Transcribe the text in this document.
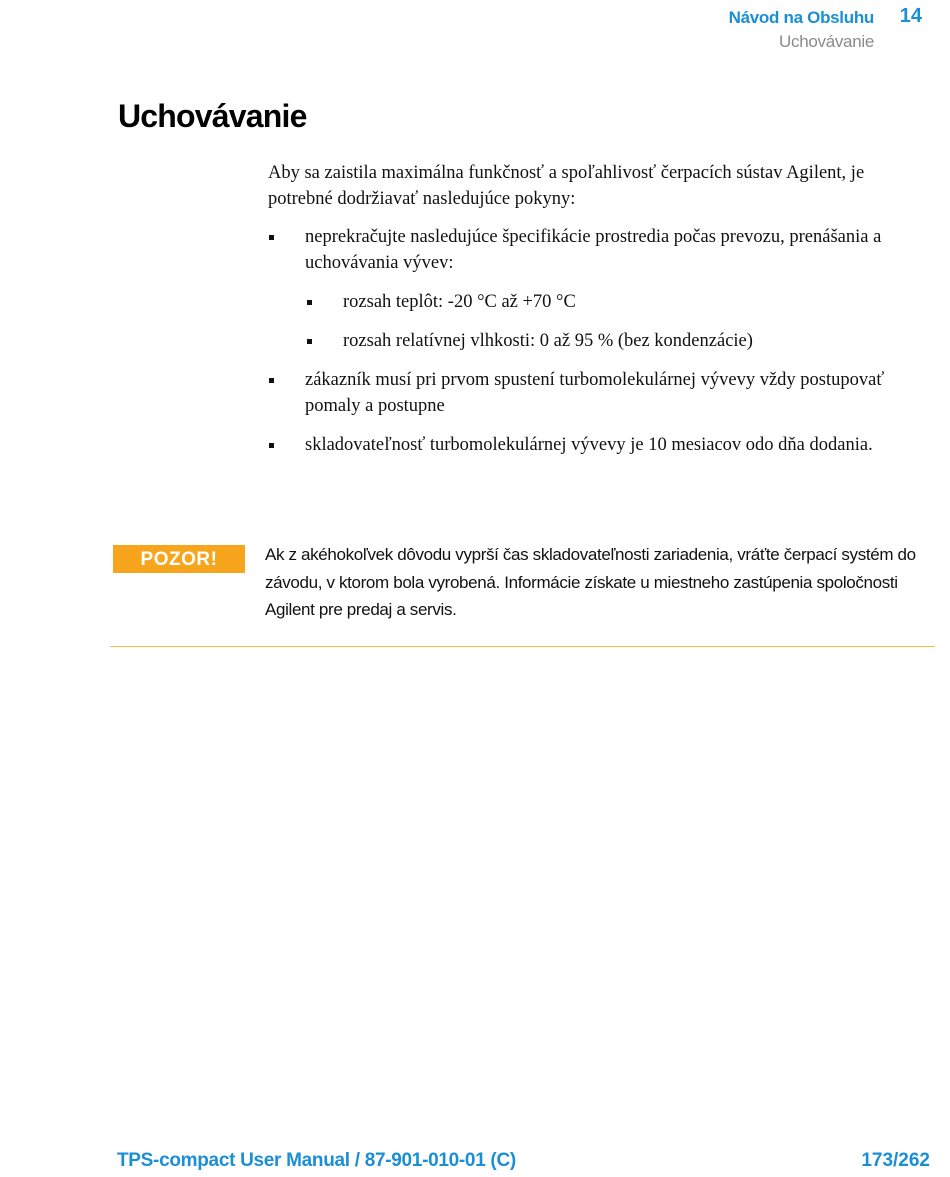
Návod na Obsluhu 14
Uchovávanie
Uchovávanie

Aby sa zaistila maximálna funkčnosť a spoľahlivosť čerpacích sústav Agilent, je potrebné dodržiavať nasledujúce pokyny:

neprekračujte nasledujúce špecifikácie prostredia počas prevozu, prenášania a uchovávania vývev:
rozsah teplôt: -20 °C až +70 °C
rozsah relatívnej vlhkosti: 0 až 95 % (bez kondenzácie)
zákazník musí pri prvom spustení turbomolekulárnej vývevy vždy postupovať pomaly a postupne
skladovateľnosť turbomolekulárnej vývevy je 10 mesiacov odo dňa dodania.
POZOR!	Ak z akéhokoľvek dôvodu vyprší čas skladovateľnosti zariadenia, vráťte čerpací systém do závodu, v ktorom bola vyrobená. Informácie získate u miestneho zastúpenia spoločnosti Agilent pre predaj a servis.
TPS-compact User Manual / 87-901-010-01 (C)	173/262
